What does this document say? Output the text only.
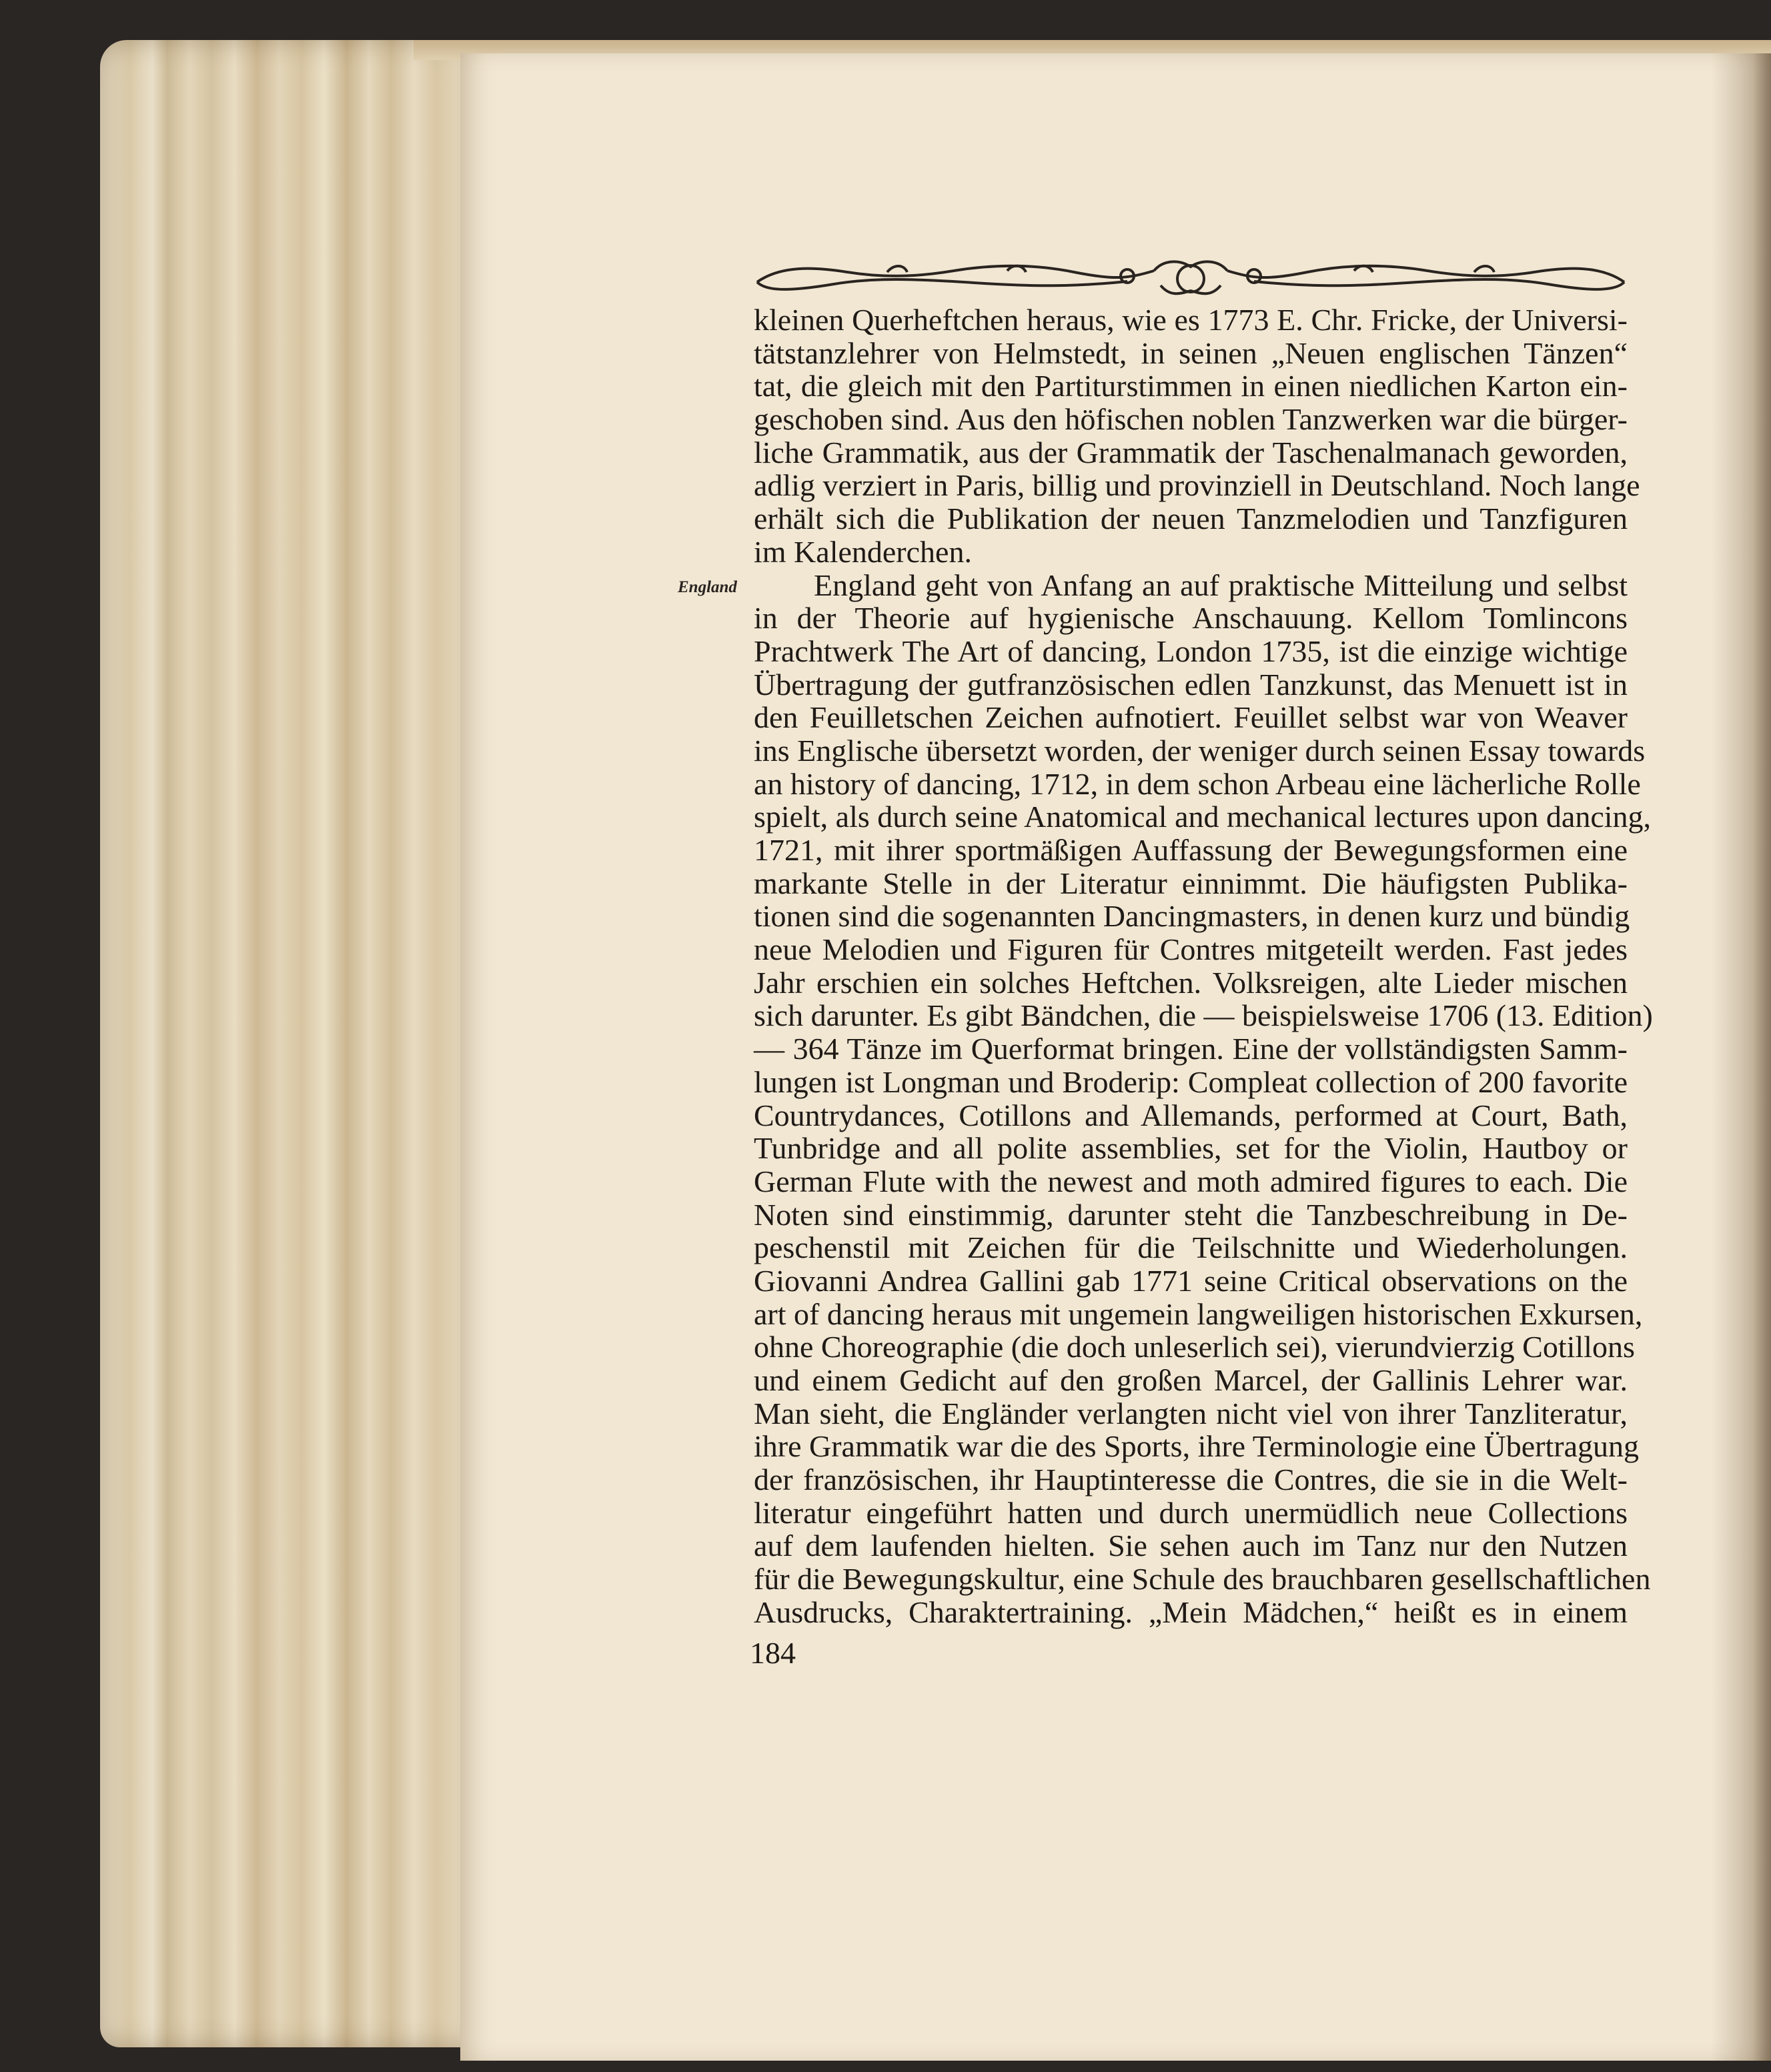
England
kleinen Querheftchen heraus, wie es 1773 E. Chr. Fricke, der Universi-
tätstanzlehrer von Helmstedt, in seinen „Neuen englischen Tänzen“
tat, die gleich mit den Partiturstimmen in einen niedlichen Karton ein-
geschoben sind. Aus den höfischen noblen Tanzwerken war die bürger-
liche Grammatik, aus der Grammatik der Taschenalmanach geworden,
adlig verziert in Paris, billig und provinziell in Deutschland. Noch lange
erhält sich die Publikation der neuen Tanzmelodien und Tanzfiguren
im Kalenderchen.
England geht von Anfang an auf praktische Mitteilung und selbst
in der Theorie auf hygienische Anschauung. Kellom Tomlincons
Prachtwerk The Art of dancing, London 1735, ist die einzige wichtige
Übertragung der gutfranzösischen edlen Tanzkunst, das Menuett ist in
den Feuilletschen Zeichen aufnotiert. Feuillet selbst war von Weaver
ins Englische übersetzt worden, der weniger durch seinen Essay towards
an history of dancing, 1712, in dem schon Arbeau eine lächerliche Rolle
spielt, als durch seine Anatomical and mechanical lectures upon dancing,
1721, mit ihrer sportmäßigen Auffassung der Bewegungsformen eine
markante Stelle in der Literatur einnimmt. Die häufigsten Publika-
tionen sind die sogenannten Dancingmasters, in denen kurz und bündig
neue Melodien und Figuren für Contres mitgeteilt werden. Fast jedes
Jahr erschien ein solches Heftchen. Volksreigen, alte Lieder mischen
sich darunter. Es gibt Bändchen, die — beispielsweise 1706 (13. Edition)
— 364 Tänze im Querformat bringen. Eine der vollständigsten Samm-
lungen ist Longman und Broderip: Compleat collection of 200 favorite
Countrydances, Cotillons and Allemands, performed at Court, Bath,
Tunbridge and all polite assemblies, set for the Violin, Hautboy or
German Flute with the newest and moth admired figures to each. Die
Noten sind einstimmig, darunter steht die Tanzbeschreibung in De-
peschenstil mit Zeichen für die Teilschnitte und Wiederholungen.
Giovanni Andrea Gallini gab 1771 seine Critical observations on the
art of dancing heraus mit ungemein langweiligen historischen Exkursen,
ohne Choreographie (die doch unleserlich sei), vierundvierzig Cotillons
und einem Gedicht auf den großen Marcel, der Gallinis Lehrer war.
Man sieht, die Engländer verlangten nicht viel von ihrer Tanzliteratur,
ihre Grammatik war die des Sports, ihre Terminologie eine Übertragung
der französischen, ihr Hauptinteresse die Contres, die sie in die Welt-
literatur eingeführt hatten und durch unermüdlich neue Collections
auf dem laufenden hielten. Sie sehen auch im Tanz nur den Nutzen
für die Bewegungskultur, eine Schule des brauchbaren gesellschaftlichen
Ausdrucks, Charaktertraining. „Mein Mädchen,“ heißt es in einem
184
